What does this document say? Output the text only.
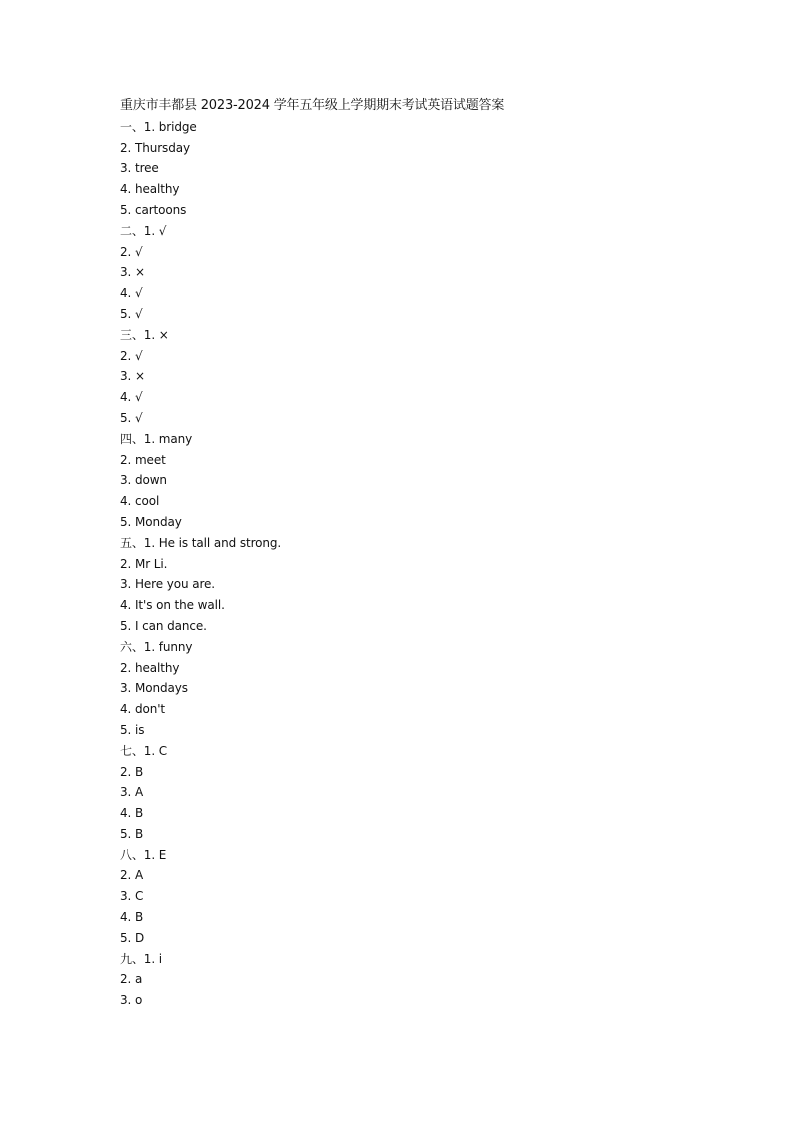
重庆市丰都县 2023-2024 学年五年级上学期期末考试英语试题答案
一、1. bridge
2. Thursday
3. tree
4. healthy
5. cartoons
二、1. √
2. √
3. ×
4. √
5. √
三、1. ×
2. √
3. ×
4. √
5. √
四、1. many
2. meet
3. down
4. cool
5. Monday
五、1. He is tall and strong.
2. Mr Li.
3. Here you are.
4. It's on the wall.
5. I can dance.
六、1. funny
2. healthy
3. Mondays
4. don't
5. is
七、1. C
2. B
3. A
4. B
5. B
八、1. E
2. A
3. C
4. B
5. D
九、1. i
2. a
3. o
